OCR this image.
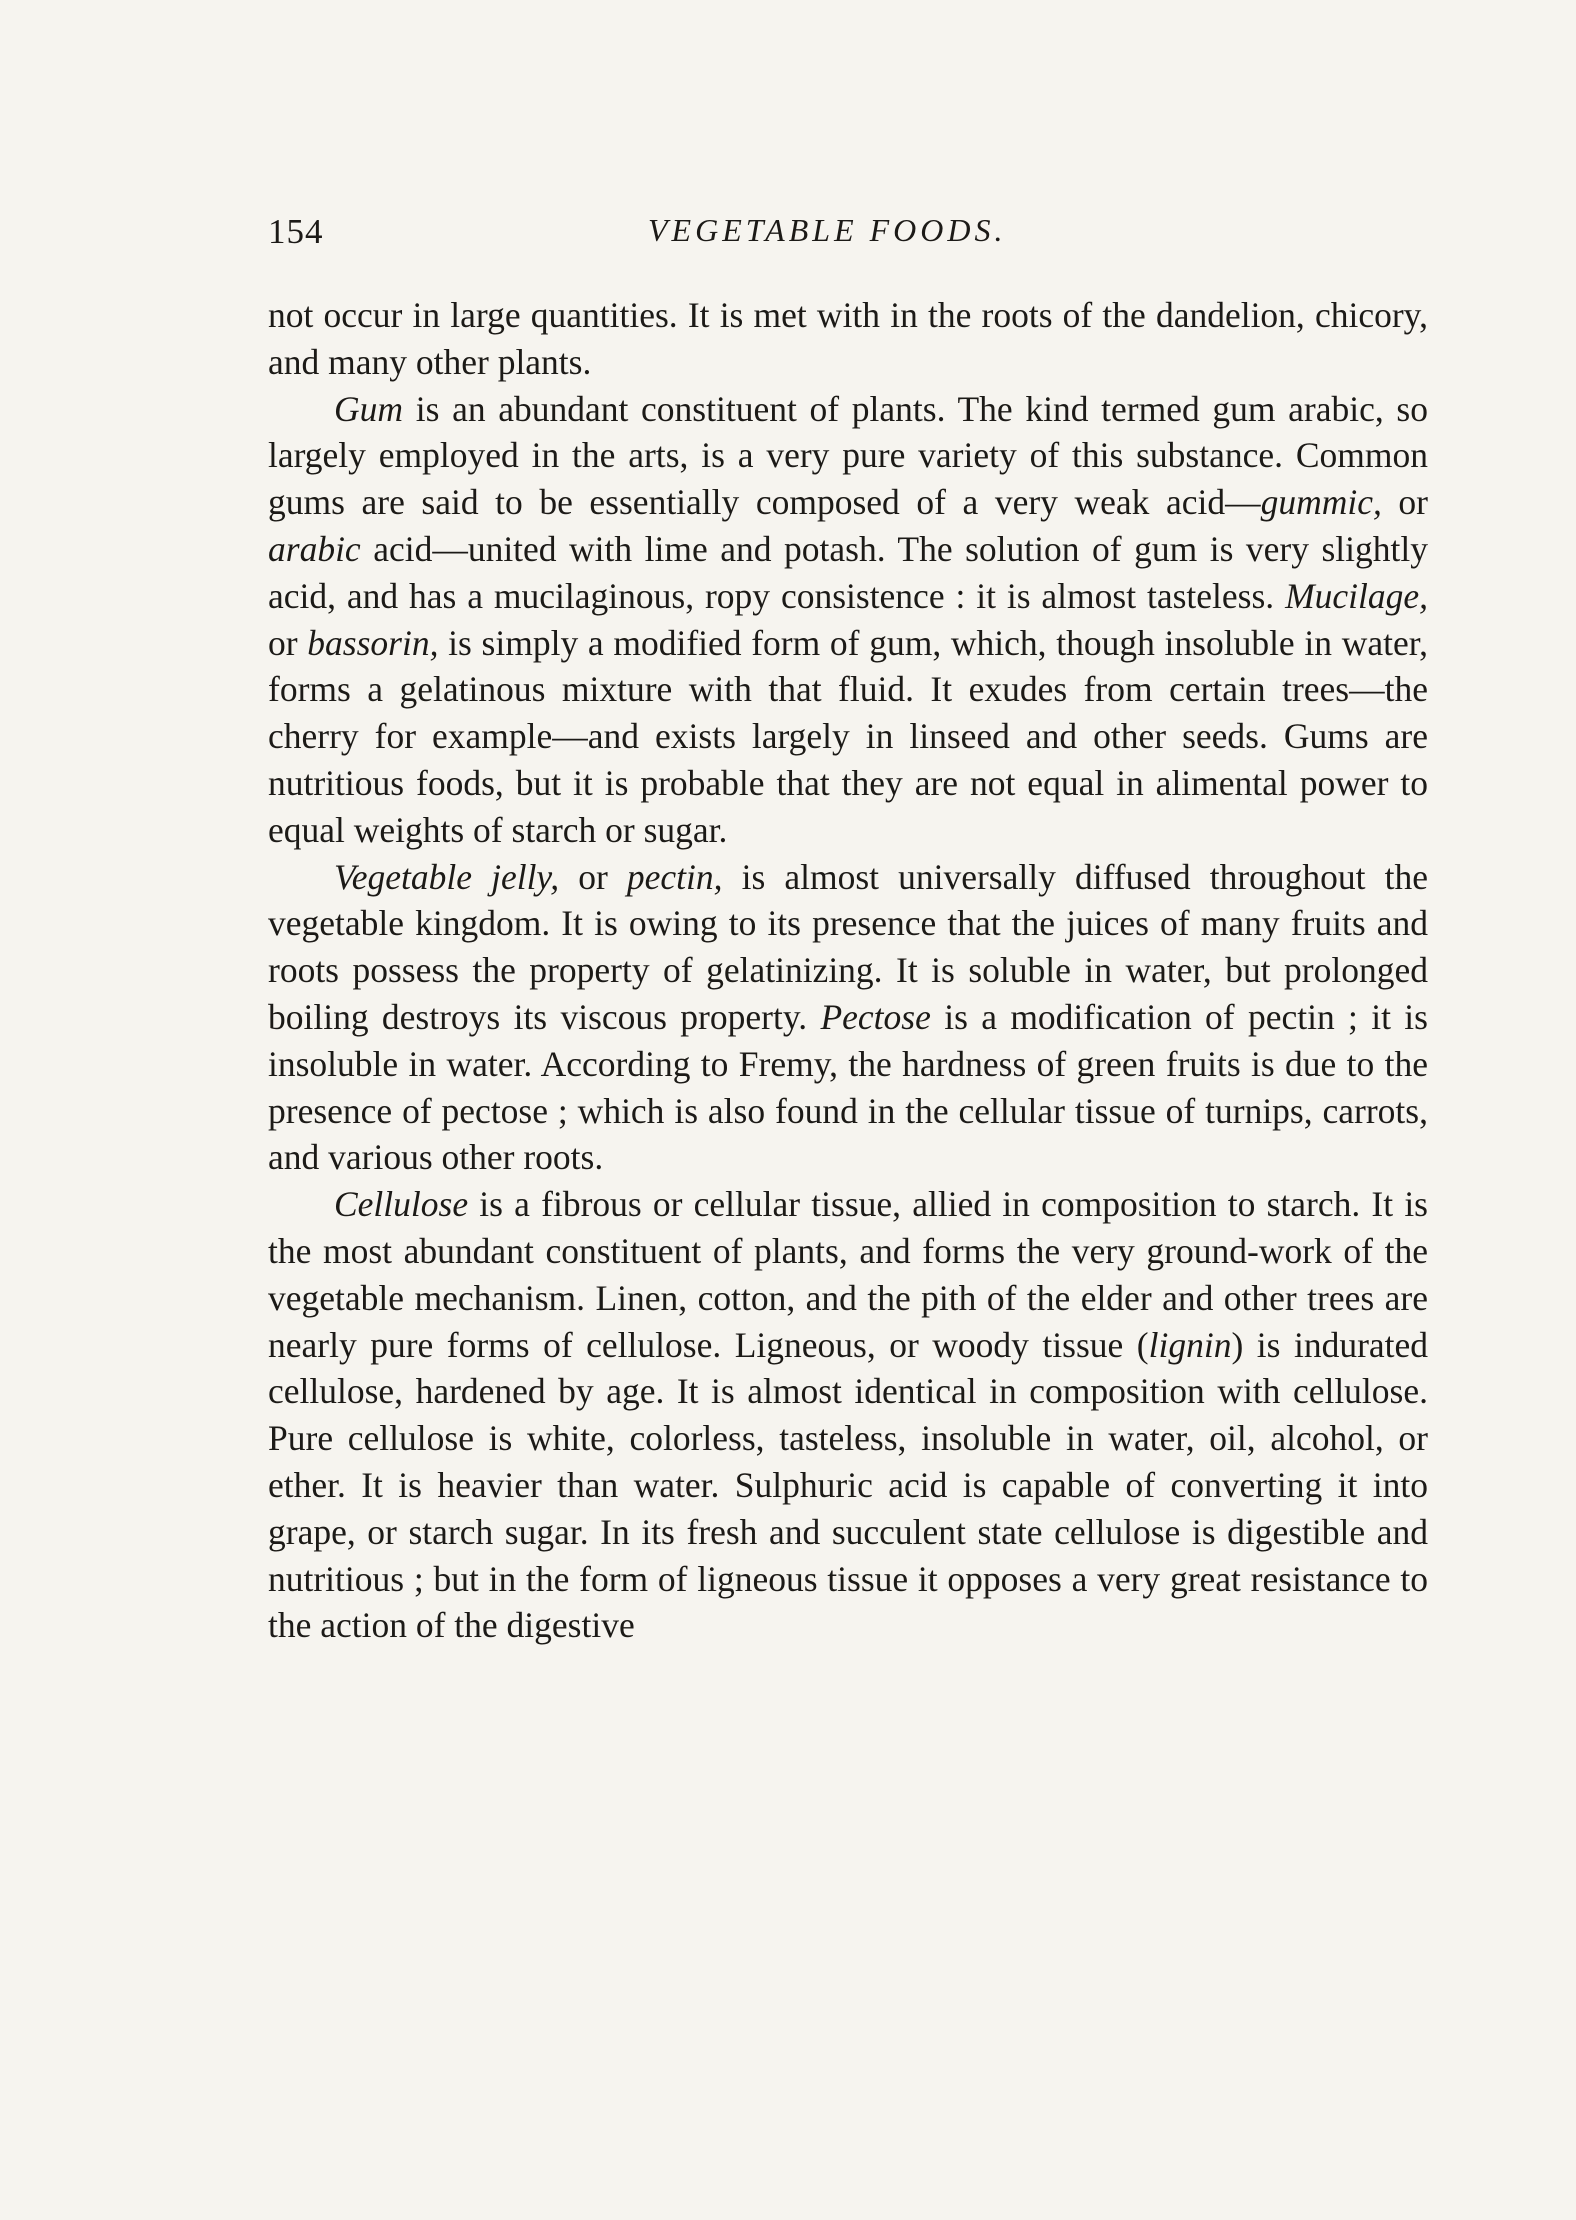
154	VEGETABLE FOODS.

not occur in large quantities. It is met with in the roots of the dandelion, chicory, and many other plants.

Gum is an abundant constituent of plants. The kind termed gum arabic, so largely employed in the arts, is a very pure variety of this substance. Common gums are said to be essentially composed of a very weak acid—gummic, or arabic acid—united with lime and potash. The solution of gum is very slightly acid, and has a mucilaginous, ropy consistence : it is almost tasteless. Mucilage, or bassorin, is simply a modified form of gum, which, though insoluble in water, forms a gelatinous mixture with that fluid. It exudes from certain trees—the cherry for example—and exists largely in linseed and other seeds. Gums are nutritious foods, but it is probable that they are not equal in alimental power to equal weights of starch or sugar.

Vegetable jelly, or pectin, is almost universally diffused throughout the vegetable kingdom. It is owing to its presence that the juices of many fruits and roots possess the property of gelatinizing. It is soluble in water, but prolonged boiling destroys its viscous property. Pectose is a modification of pectin ; it is insoluble in water. According to Fremy, the hardness of green fruits is due to the presence of pectose ; which is also found in the cellular tissue of turnips, carrots, and various other roots.

Cellulose is a fibrous or cellular tissue, allied in composition to starch. It is the most abundant constituent of plants, and forms the very ground-work of the vegetable mechanism. Linen, cotton, and the pith of the elder and other trees are nearly pure forms of cellulose. Ligneous, or woody tissue (lignin) is indurated cellulose, hardened by age. It is almost identical in composition with cellulose. Pure cellulose is white, colorless, tasteless, insoluble in water, oil, alcohol, or ether. It is heavier than water. Sulphuric acid is capable of converting it into grape, or starch sugar. In its fresh and succulent state cellulose is digestible and nutritious ; but in the form of ligneous tissue it opposes a very great resistance to the action of the digestive
